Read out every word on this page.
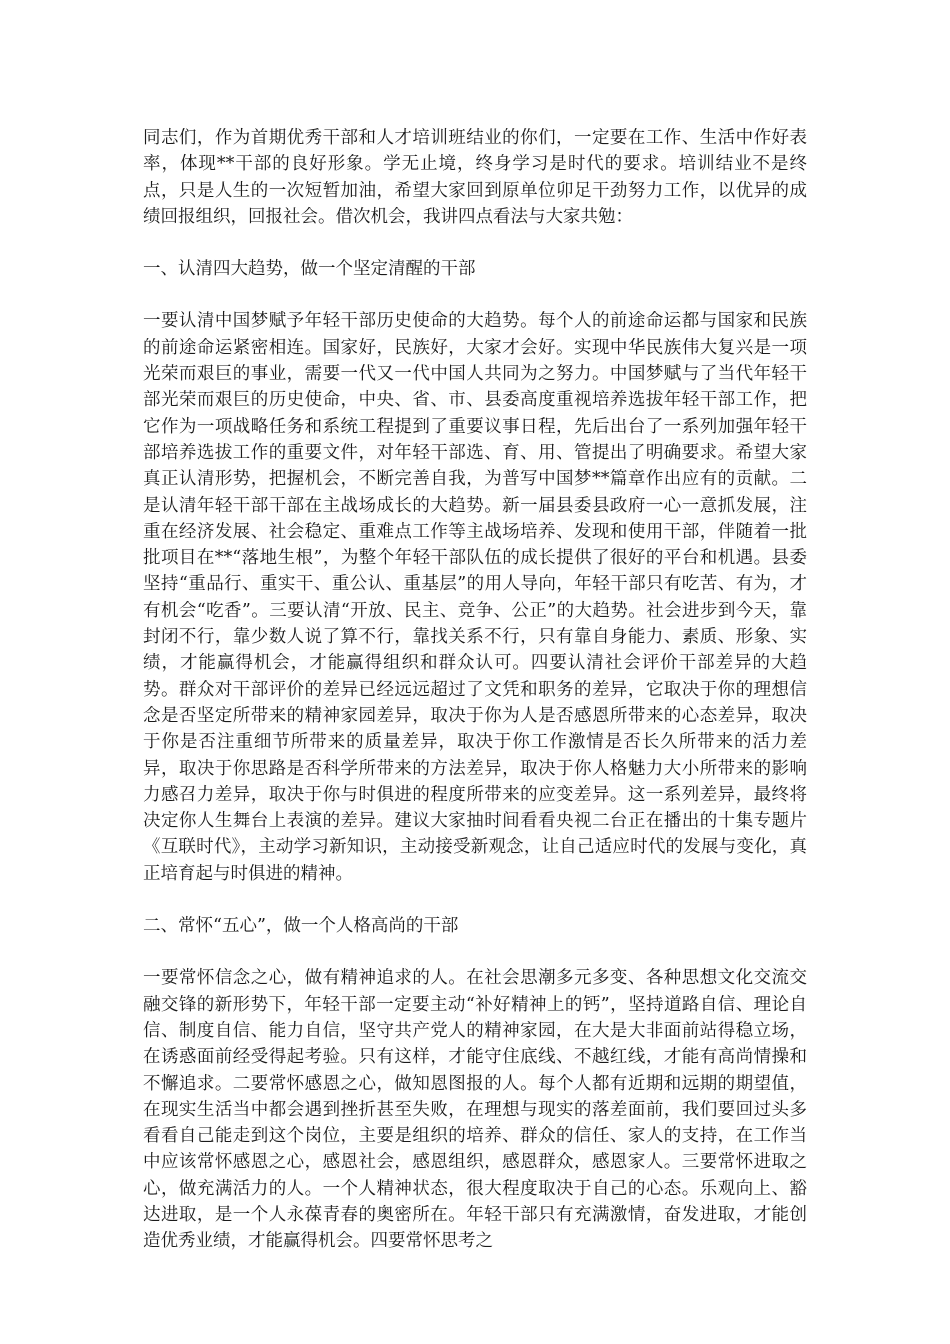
同志们，作为首期优秀干部和人才培训班结业的你们，一定要在工作、生活中作好表率，体现**干部的良好形象。学无止境，终身学习是时代的要求。培训结业不是终点，只是人生的一次短暂加油，希望大家回到原单位卯足干劲努力工作，以优异的成绩回报组织，回报社会。借次机会，我讲四点看法与大家共勉：

一、认清四大趋势，做一个坚定清醒的干部

一要认清中国梦赋予年轻干部历史使命的大趋势。每个人的前途命运都与国家和民族的前途命运紧密相连。国家好，民族好，大家才会好。实现中华民族伟大复兴是一项光荣而艰巨的事业，需要一代又一代中国人共同为之努力。中国梦赋与了当代年轻干部光荣而艰巨的历史使命，中央、省、市、县委高度重视培养选拔年轻干部工作，把它作为一项战略任务和系统工程提到了重要议事日程，先后出台了一系列加强年轻干部培养选拔工作的重要文件，对年轻干部选、育、用、管提出了明确要求。希望大家真正认清形势，把握机会，不断完善自我，为普写中国梦**篇章作出应有的贡献。二是认清年轻干部干部在主战场成长的大趋势。新一届县委县政府一心一意抓发展，注重在经济发展、社会稳定、重难点工作等主战场培养、发现和使用干部，伴随着一批批项目在**“落地生根”，为整个年轻干部队伍的成长提供了很好的平台和机遇。县委坚持“重品行、重实干、重公认、重基层”的用人导向，年轻干部只有吃苦、有为，才有机会“吃香”。三要认清“开放、民主、竞争、公正”的大趋势。社会进步到今天，靠封闭不行，靠少数人说了算不行，靠找关系不行，只有靠自身能力、素质、形象、实绩，才能赢得机会，才能赢得组织和群众认可。四要认清社会评价干部差异的大趋势。群众对干部评价的差异已经远远超过了文凭和职务的差异，它取决于你的理想信念是否坚定所带来的精神家园差异，取决于你为人是否感恩所带来的心态差异，取决于你是否注重细节所带来的质量差异，取决于你工作激情是否长久所带来的活力差异，取决于你思路是否科学所带来的方法差异，取决于你人格魅力大小所带来的影响力感召力差异，取决于你与时俱进的程度所带来的应变差异。这一系列差异，最终将决定你人生舞台上表演的差异。建议大家抽时间看看央视二台正在播出的十集专题片《互联时代》，主动学习新知识，主动接受新观念，让自己适应时代的发展与变化，真正培育起与时俱进的精神。

二、常怀“五心”，做一个人格高尚的干部

一要常怀信念之心，做有精神追求的人。在社会思潮多元多变、各种思想文化交流交融交锋的新形势下，年轻干部一定要主动“补好精神上的钙”，坚持道路自信、理论自信、制度自信、能力自信，坚守共产党人的精神家园，在大是大非面前站得稳立场，在诱惑面前经受得起考验。只有这样，才能守住底线、不越红线，才能有高尚情操和不懈追求。二要常怀感恩之心，做知恩图报的人。每个人都有近期和远期的期望值，在现实生活当中都会遇到挫折甚至失败，在理想与现实的落差面前，我们要回过头多看看自己能走到这个岗位，主要是组织的培养、群众的信任、家人的支持，在工作当中应该常怀感恩之心，感恩社会，感恩组织，感恩群众，感恩家人。三要常怀进取之心，做充满活力的人。一个人精神状态，很大程度取决于自己的心态。乐观向上、豁达进取，是一个人永葆青春的奥密所在。年轻干部只有充满激情，奋发进取，才能创造优秀业绩，才能赢得机会。四要常怀思考之
